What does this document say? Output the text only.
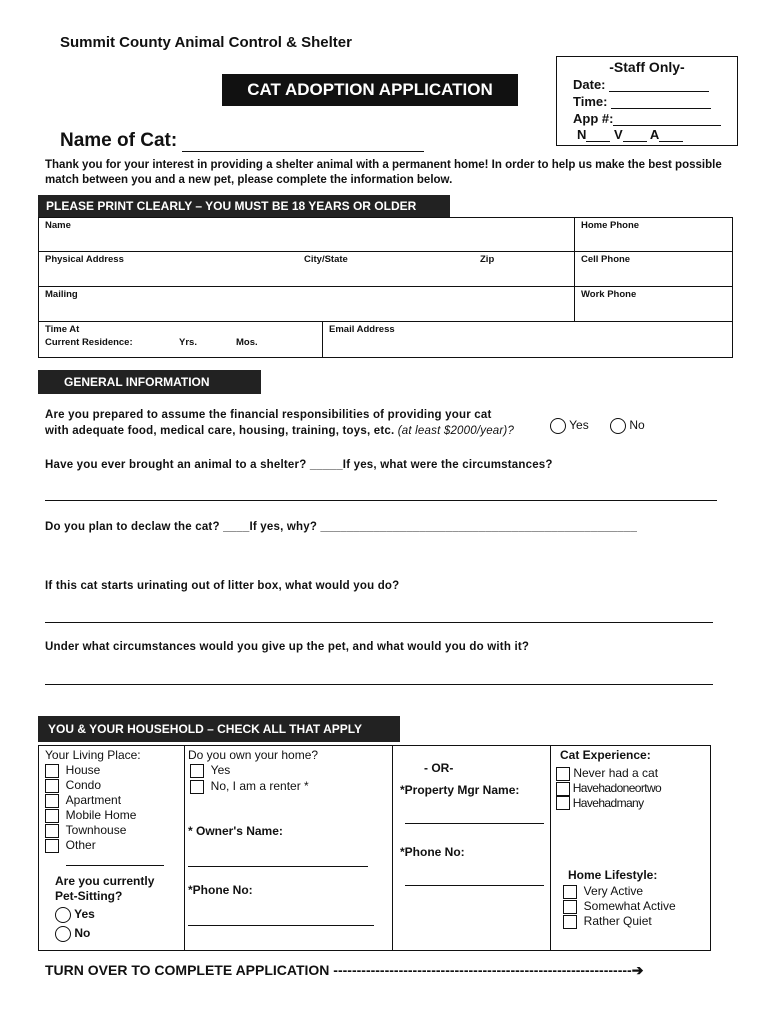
Summit County Animal Control & Shelter
CAT ADOPTION APPLICATION
-Staff Only-
Date:
Time:
App #:
N V A
Name of Cat:
Thank you for your interest in providing a shelter animal with a permanent home! In order to help us make the best possible match between you and a new pet, please complete the information below.
PLEASE PRINT CLEARLY – YOU MUST BE 18 YEARS OR OLDER
Name	Home Phone
Physical Address	City/State	Zip	Cell Phone
Mailing	Work Phone
Time At
Current Residence:	Yrs.	Mos.
Email Address
GENERAL INFORMATION
Are you prepared to assume the financial responsibilities of providing your cat
with adequate food, medical care, housing, training, toys, etc. (at least $2000/year)?	Yes	No
Have you ever brought an animal to a shelter? _____If yes, what were the circumstances?
Do you plan to declaw the cat? ____If yes, why? ________________________________________________
If this cat starts urinating out of litter box, what would you do?
Under what circumstances would you give up the pet, and what would you do with it?
YOU & YOUR HOUSEHOLD – CHECK ALL THAT APPLY
Your Living Place:
House
Condo
Apartment
Mobile Home
Townhouse
Other
Are you currently
Pet-Sitting?
Yes
No
Do you own your home?
Yes
No, I am a renter *
* Owner's Name:
*Phone No:
- OR-
*Property Mgr Name:
*Phone No:
Cat Experience:
Never had a cat
Havehadoneortwo
Havehadmany
Home Lifestyle:
Very Active
Somewhat Active
Rather Quiet
TURN OVER TO COMPLETE APPLICATION ----------------------------------------------------------------➔
